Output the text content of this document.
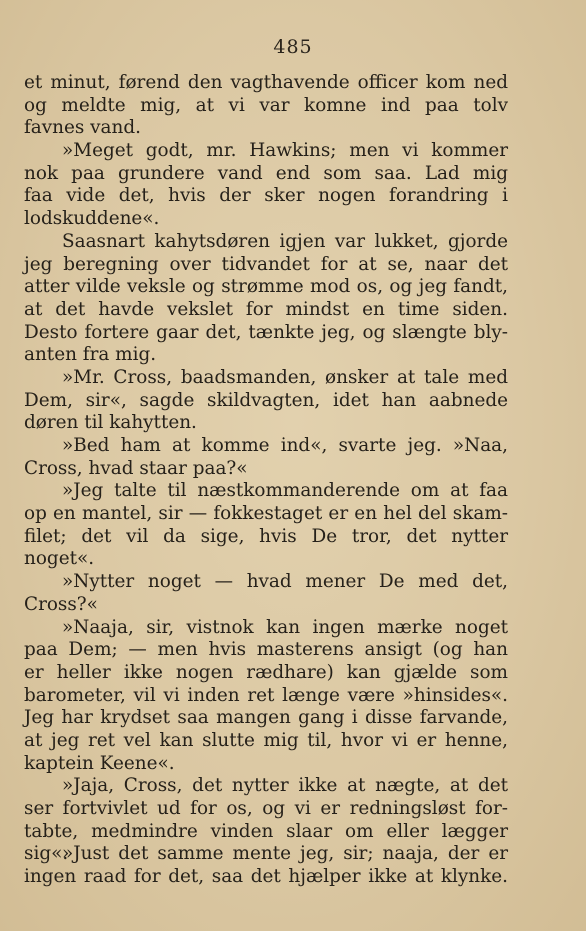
485
et minut, førend den vagthavende officer kom ned
og meldte mig, at vi var komne ind paa tolv
favnes vand.
»Meget godt, mr. Hawkins; men vi kommer
nok paa grundere vand end som saa. Lad mig
faa vide det, hvis der sker nogen forandring i
lodskuddene«.
Saasnart kahytsdøren igjen var lukket, gjorde
jeg beregning over tidvandet for at se, naar det
atter vilde veksle og strømme mod os, og jeg fandt,
at det havde vekslet for mindst en time siden.
Desto fortere gaar det, tænkte jeg, og slængte bly-
anten fra mig.
»Mr. Cross, baadsmanden, ønsker at tale med
Dem, sir«, sagde skildvagten, idet han aabnede
døren til kahytten.
»Bed ham at komme ind«, svarte jeg. »Naa,
Cross, hvad staar paa?«
»Jeg talte til næstkommanderende om at faa
op en mantel, sir — fokkestaget er en hel del skam-
filet; det vil da sige, hvis De tror, det nytter
noget«.
»Nytter noget — hvad mener De med det,
Cross?«
»Naaja, sir, vistnok kan ingen mærke noget
paa Dem; — men hvis masterens ansigt (og han
er heller ikke nogen rædhare) kan gjælde som
barometer, vil vi inden ret længe være »hinsides«.
Jeg har krydset saa mangen gang i disse farvande,
at jeg ret vel kan slutte mig til, hvor vi er henne,
kaptein Keene«.
»Jaja, Cross, det nytter ikke at nægte, at det
ser fortvivlet ud for os, og vi er redningsløst for-
tabte, medmindre vinden slaar om eller lægger sig«.
»Just det samme mente jeg, sir; naaja, der er
ingen raad for det, saa det hjælper ikke at klynke.
